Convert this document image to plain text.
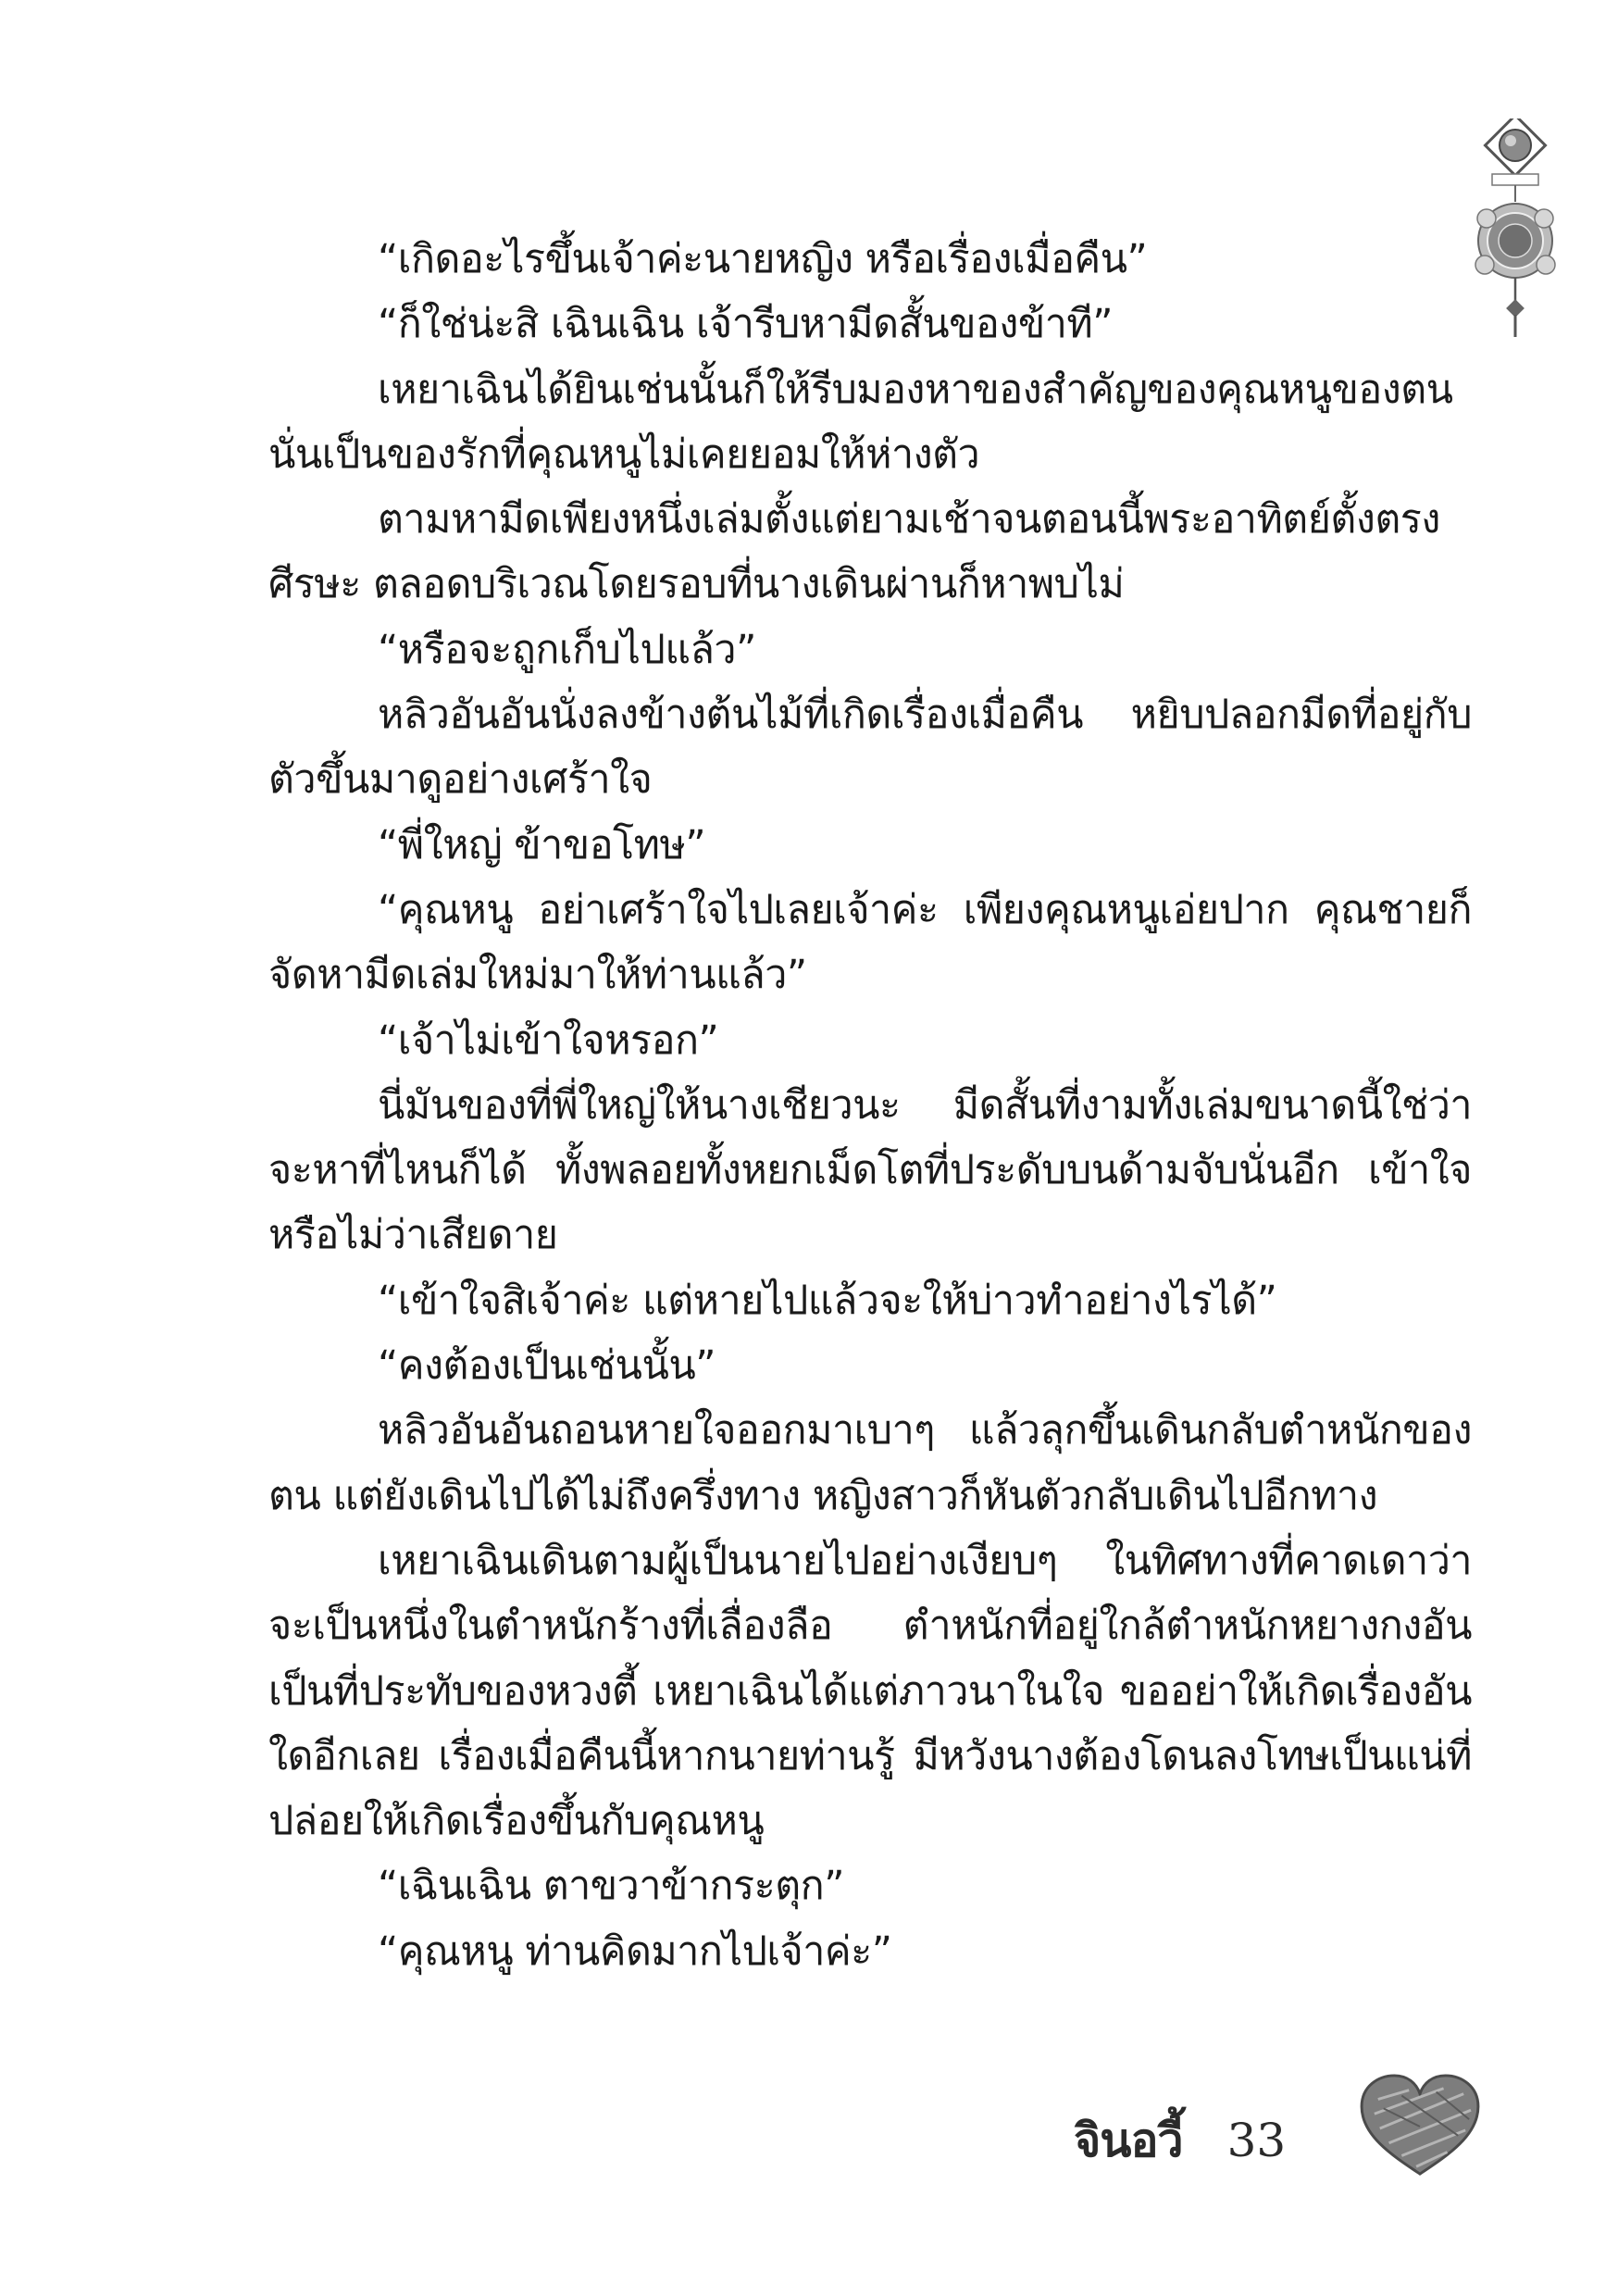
“เกิดอะไรขึ้นเจ้าค่ะนายหญิง หรือเรื่องเมื่อคืน”

“ก็ใช่น่ะสิ เฉินเฉิน เจ้ารีบหามีดสั้นของข้าที”

เหยาเฉินได้ยินเช่นนั้นก็ให้รีบมองหาของสำคัญของคุณหนูของตน นั่นเป็นของรักที่คุณหนูไม่เคยยอมให้ห่างตัว

ตามหามีดเพียงหนึ่งเล่มตั้งแต่ยามเช้าจนตอนนี้พระอาทิตย์ตั้งตรงศีรษะ ตลอดบริเวณโดยรอบที่นางเดินผ่านก็หาพบไม่

“หรือจะถูกเก็บไปแล้ว”

หลิวอันอันนั่งลงข้างต้นไม้ที่เกิดเรื่องเมื่อคืน หยิบปลอกมีดที่อยู่กับตัวขึ้นมาดูอย่างเศร้าใจ

“พี่ใหญ่ ข้าขอโทษ”

“คุณหนู อย่าเศร้าใจไปเลยเจ้าค่ะ เพียงคุณหนูเอ่ยปาก คุณชายก็จัดหามีดเล่มใหม่มาให้ท่านแล้ว”

“เจ้าไม่เข้าใจหรอก”

นี่มันของที่พี่ใหญ่ให้นางเชียวนะ มีดสั้นที่งามทั้งเล่มขนาดนี้ใช่ว่าจะหาที่ไหนก็ได้ ทั้งพลอยทั้งหยกเม็ดโตที่ประดับบนด้ามจับนั่นอีก เข้าใจหรือไม่ว่าเสียดาย

“เข้าใจสิเจ้าค่ะ แต่หายไปแล้วจะให้บ่าวทำอย่างไรได้”

“คงต้องเป็นเช่นนั้น”

หลิวอันอันถอนหายใจออกมาเบาๆ แล้วลุกขึ้นเดินกลับตำหนักของตน แต่ยังเดินไปได้ไม่ถึงครึ่งทาง หญิงสาวก็หันตัวกลับเดินไปอีกทาง

เหยาเฉินเดินตามผู้เป็นนายไปอย่างเงียบๆ ในทิศทางที่คาดเดาว่าจะเป็นหนึ่งในตำหนักร้างที่เลื่องลือ ตำหนักที่อยู่ใกล้ตำหนักหยางกงอันเป็นที่ประทับของหวงตี้ เหยาเฉินได้แต่ภาวนาในใจ ขออย่าให้เกิดเรื่องอันใดอีกเลย เรื่องเมื่อคืนนี้หากนายท่านรู้ มีหวังนางต้องโดนลงโทษเป็นแน่ที่ปล่อยให้เกิดเรื่องขึ้นกับคุณหนู

“เฉินเฉิน ตาขวาข้ากระตุก”

“คุณหนู ท่านคิดมากไปเจ้าค่ะ”

จินอวี้ 33
